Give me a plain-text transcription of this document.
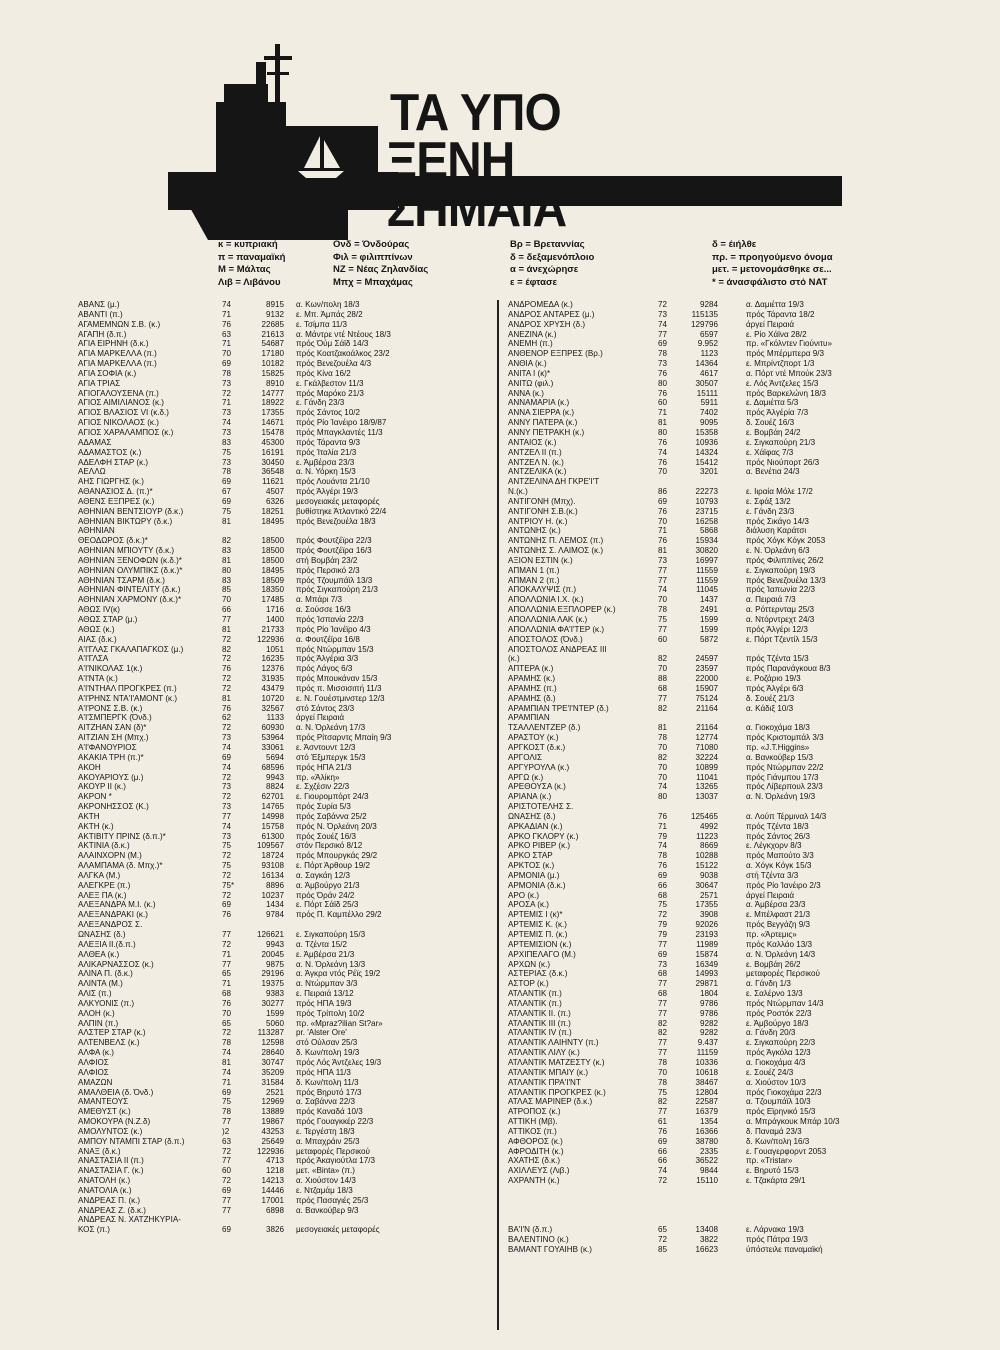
ΤΑ ΥΠΟ
ΞΕΝΗ ΣΗΜΑΙΑ
κ = κυπριακή
π = παναμαϊκή
Μ = Μάλτας
Λιβ = Λιβάνου
Ονδ = Όνδούρας
Φιλ = φιλιππίνων
ΝΖ = Νέας Ζηλανδίας
Μπχ = Μπαχάμας
Βρ = Βρεταννίας
δ = δεξαμενόπλοιο
α = άνεχώρησε
ε = έφτασε
δ = έιήλθε
πρ. = προηγούμενο όνομα
μετ. = μετονομάσθηκε σε...
* = άνασφάλιστο στό ΝΑΤ
ΑΒΑΝΣ (μ.)	74	8915 α. Κων/πολη 18/3
ΑΒΑΝΤΙ (π.)	71	9132 ε. Μπ. Άμπάς 28/2
ΑΓΑΜΕΜΝΩΝ Σ.Β. (κ.)	76	22685 ε. Τσίμπα 11/3
ΑΓΑΠΗ (δ.π.)	63	21613 α. Μάντρε ντέ Ντέους 18/3
ΑΓΙΑ ΕΙΡΗΝΗ (δ.κ.)	71	54687 πρός Όύμ Σάϊδ 14/3
ΑΓΙΑ ΜΑΡΚΕΛΛΑ (π.)	70	17180 πρός Κοατζακοάλκος 23/2
ΑΓΙΑ ΜΑΡΚΕΛΛΑ (π.)	69	10182 πρός Βενεζουέλα 4/3
ΑΓΙΑ ΣΟΦΙΑ (κ.)	78	15825 πρός Κίνα 16/2
ΑΓΙΑ ΤΡΙΑΣ	73	8910 ε. Γκάλβεστον 11/3
ΑΓΙΟΓΑΛΟΥΣΕΝΑ (π.)	72	14777 πρός Μαρόκο 21/3
ΑΓΙΟΣ ΑΙΜΙΛΙΑΝΟΣ (κ.)	71	18922 ε. Γάνδη 23/3
ΑΓΙΟΣ ΒΛΑΣΙΟΣ VI (κ.δ.)	73	17355 πρός Σάντος 10/2
ΑΓΙΟΣ ΝΙΚΟΛΑΟΣ (κ.)	74	14671 πρός Ρίο Ίανέιρο 18/9/87
ΑΓΙΟΣ ΧΑΡΑΛΑΜΠΟΣ (κ.)	73	15478 πρός Μπαγκλαντές 11/3
ΑΔΑΜΑΣ	83	45300 πρός Τάραντα 9/3
ΑΔΑΜΑΣΤΟΣ (κ.)	75	16191 πρός Ίταλία 21/3
ΑΔΕΛΦΗ ΣΤΑΡ (κ.)	73	30450 ε. Άμβέρσα 23/3
ΑΕΛΛΩ	78	36548 α. Ν. Υόρκη 15/3
ΑΗΣ ΓΙΩΡΓΗΣ (κ.)	69	11621 πρός Λουάντα 21/10
ΑΘΑΝΑΣΙΟΣ Δ. (π.)*	67	4507 πρός Άλγέρι 19/3
ΑΘΕΝΣ ΕΞΠΡΕΣ (κ.)	69	6326 μεσογειακές μεταφορές
ΑΘΗΝΙΑΝ ΒΕΝΤΣΙΟΥΡ (δ.κ.)	75	18251 βυθίστηκε Άτλαντικό 22/4
ΑΘΗΝΙΑΝ ΒΙΚΤΩΡΥ (δ.κ.)	81	18495 πρός Βενεζουέλα 18/3
ΑΘΗΝΙΑΝ
ΘΕΟΔΩΡΟΣ (δ.κ.)*	82	18500 πρός Φουτζέϊρα 22/3
ΑΘΗΝΙΑΝ ΜΠΙΟΥΤΥ (δ.κ.)	83	18500 πρός Φουτζέϊρα 16/3
ΑΘΗΝΙΑΝ ΞΕΝΟΦΩΝ (κ.δ.)*	81	18500 στή Βομβάη 23/2
ΑΘΗΝΙΑΝ ΟΛΥΜΠΙΚΣ (δ.κ.)*	80	18495 πρός Περσικό 2/3
ΑΘΗΝΙΑΝ ΤΣΑΡΜ (δ.κ.)	83	18509 πρός Τζουμπάϊλ 13/3
ΑΘΗΝΙΑΝ ΦΙΝΤΕΛΙΤΥ (δ.κ.)	85	18350 πρός Σιγκαπούρη 21/3
ΑΘΗΝΙΑΝ ΧΑΡΜΟΝΥ (δ.κ.)*	70	17485 α. Μπάρι 7/3
ΑΘΩΣ IV(κ)	66	1716 α. Σούσσε 16/3
ΑΘΩΣ ΣΤΑΡ (μ.)	77	1400 πρός Ίσπανία 22/3
ΑΘΩΣ (κ.)	81	21733 πρός Ρίο Ίανέϊρο 4/3
ΑΙΑΣ (δ.κ.)	72	122936 α. Φουτζέϊρα 16/8
Α'Ι'ΓΛΑΣ ΓΚΑΛΑΠΑΓΚΟΣ (μ.)	82	1051 πρός Ντώρμπαν 15/3
Α'Ι'ΓΛΣΑ	72	16235 πρός Άλγέρια 3/3
Α'Ι'ΝΙΚΟΛΑΣ 1(κ.)	76	12376 πρός Λάγος 6/3
Α'Ι'ΝΤΑ (κ.)	72	31935 πρός Μπουκάναν 15/3
Α'Ι'ΝΤΗΑΛ ΠΡΟΓΚΡΕΣ (π.)	72	43479 πρός π. Μισσισιπή 11/3
Α'Ι'ΡΗΝΣ ΝΤΑ'Ι'ΑΜΟΝΤ (κ.)	81	10720 ε. Ν. Γουέστμινστερ 12/3
Α'Ι'ΡΟΝΣ Σ.Β. (κ.)	76	32567 στό Σάντος 23/3
Α'Ι'ΣΜΠΕΡΓΚ (Όνδ.)	62	1133 άργεί Πειραιά
ΑΙΤΖΗΑΝ ΣΑΝ (δ)*	72	60930 α. Ν. Όρλεάνη 17/3
ΑΙΤΖΙΑΝ ΣΗ (Μπχ.)	73	53964 πρός Ρίτσαρντς Μπαίη 9/3
Α'Ι'ΦΑΝΟΥΡΙΟΣ	74	33061 ε. Άσντουντ 12/3
ΑΚΑΚΙΑ ΤΡΗ (π.)*	69	5694 στό Έξμπεργκ 15/3
ΑΚΟΗ	74	68596 πρός ΗΠΑ 21/3
ΑΚΟΥΑΡΙΟΥΣ (μ.)	72	9943 πρ. «Άλίκη»
ΑΚΟΥΡ II (κ.)	73	8824 ε. Σχζέσιν 22/3
ΑΚΡΟΝ *	72	62701 ε. Γιουρομπόρτ 24/3
ΑΚΡΟΝΗΣΣΟΣ (Κ.)	73	14765 πρός Συρία 5/3
ΑΚΤΗ	77	14998 πρός Σαβάννα 25/2
ΑΚΤΗ (κ.)	74	15758 πρός Ν. Όρλεάνη 20/3
ΑΚΤΙΒΙΤΥ ΠΡΙΝΣ (δ.π.)*	73	61300 πρός Σουέζ 16/3
ΑΚΤΙΝΙΑ (δ.κ.)	75	109567 στόν Περσικό 8/12
ΑΛΑΙΝΧΟΡΝ (Μ.)	72	18724 πρός Μπουργκάς 29/2
ΑΛΑΜΠΑΜΑ (δ. Μπχ.)*	75	93108 ε. Πόρτ Άρθουρ 19/2
ΑΛΓΚΑ (Μ.)	72	16134 α. Σαγκάη 12/3
ΑΛΕΓΚΡΕ (π.)	75*	8896 α. Άμβούργο 21/3
ΑΛΕΞ ΠΑ (κ.)	72	10237 πρός Όράν 24/2
ΑΛΕΞΑΝΔΡΑ Μ.Ι. (κ.)	69	1434 ε. Πόρτ Σάϊδ 25/3
ΑΛΕΞΑΝΔΡΑΚΙ (κ.)	76	9784 πρός Π. Καμπέλλο 29/2
ΑΛΕΞΑΝΔΡΟΣ Σ.
ΩΝΑΣΗΣ (δ.)	77	126621 ε. Σιγκαπούρη 15/3
ΑΛΕΞΙΑ II.(δ.π.)	72	9943 α. Τζέντα 15/2
ΑΛΘΕΑ (κ.)	71	20045 ε. Άμβέρσα 21/3
ΑΛΙΚΑΡΝΑΣΣΟΣ (κ.)	77	9875 α. Ν. Όρλεάνη 13/3
ΑΛΙΝΑ Π. (δ.κ.)	65	29196 α. Άγκρα ντός Ρέϊς 19/2
ΑΛΙΝΤΑ (Μ.)	71	19375 α. Ντώρμπαν 3/3
ΑΛΙΣ (π.)	68	9383 ε. Πειραιά 13/12
ΑΛΚΥΟΝΙΣ (π.)	76	30277 πρός ΗΠΑ 19/3
ΑΛΟΗ (κ.)	70	1599 πρός Τρίπολη 10/2
ΑΛΠΙΝ (π.)	65	5060 πρ. «Μpraz?ilian St?ar»
ΑΛΣΤΕΡ ΣΤΑΡ (κ.)	72	113287 pr. 'Alster Ore'
ΑΛΤΕΝΒΕΛΣ (κ.)	78	12598 στό Ούλσαν 25/3
ΑΛΦΑ (κ.)	74	28640 δ. Κων/πολη 19/3
ΑΛΦΙΟΣ	81	30747 πρός Λός Άντζελες 19/3
ΑΛΦΙΟΣ	74	35209 πρός ΗΠΑ 11/3
ΑΜΑΖΩΝ	71	31584 δ. Κων/πολη 11/3
ΑΜΑΛΘΕΙΑ (δ. Όνδ.)	69	2521 πρός Βηρυτό 17/3
ΑΜΑΝΤΕΟΥΣ	75	12969 α. Σαβάννα 22/3
ΑΜΕΘΥΣΤ (κ.)	78	13889 πρός Καναδά 10/3
ΑΜΟΚΟΥΡΑ (Ν.Ζ.δ)	77	19867 πρός Γουαγκκέρ 22/3
ΑΜΟΛΥΝΤΟΣ (κ.)	)2	43253 ε. Τεργέστη 18/3
ΑΜΠΟΥ ΝΤΑΜΠΙ ΣΤΑΡ (δ.π.)	63	25649 α. Μπαχράιν 25/3
ΑΝΑΞ (δ.κ.)	72	122936 μεταφορές Περσικού
ΑΝΑΣΤΑΣΙΑ ΙΙ (π.)	77	4713 πρός Άκαγιούτλα 17/3
ΑΝΑΣΤΑΣΙΑ Γ. (κ.)	60	1218 μετ. «Binta» (π.)
ΑΝΑΤΟΛΗ (κ.)	72	14213 α. Χιούστον 14/3
ΑΝΑΤΟΛΙΑ (κ.)	69	14446 ε. Ντζαμάμ 18/3
ΑΝΔΡΕΑΣ Π. (κ.)	77	17001 πρός Πασαγιές 25/3
ΑΝΔΡΕΑΣ Ζ. (δ.κ.)	77	6898 α. Βανκούβερ 9/3
ΑΝΔΡΕΑΣ Ν. ΧΑΤΖΗΚΥΡΙΑ-
ΚΟΣ (π.)	69	3826 μεσογειακές μεταφορές
ΑΝΔΡΟΜΕΔΑ (κ.)	72	9284	α. Δαμιέττα 19/3
ΑΝΔΡΟΣ ΑΝΤΑΡΕΣ (μ.)	73	115135	πρός Τάραντα 18/2
ΑΝΔΡΟΣ ΧΡΥΣΗ (δ.)	74	129796	άργεί Πειραιά
ΑΝΕΖΙΝΑ (κ.)	77	6597	ε. Ρίο Χάϊνα 28/2
ΑΝΕΜΗ (π.)	69	9.952	πρ. «Γκόλντεν Γιούνιτυ»
ΑΝΘΕΝΟΡ ΕΞΠΡΕΣ (Βρ.)	78	1123	πρός Μπέρμπερα 9/3
ΑΝΘΙΑ (κ.)	73	14364	ε. Μπρίντζπορτ 1/3
ΑΝΙΤΑ Ι (κ)*	76	4617	α. Πόρτ ντέ Μπούκ 23/3
ΑΝΙΤΩ (φιλ.)	80	30507	ε. Λός Άντζελες 15/3
ΑΝΝΑ (κ.)	76	15111	πρός Βαρκελώνη 18/3
ΑΝΝΑΜΑΡΙΑ (κ.)	60	5911	ε. Δαμιέττα 5/3
ΑΝΝΑ ΣΙΕΡΡΑ (κ.)	71	7402	πρός Άλγέρία 7/3
ΑΝΝΥ ΠΑΤΕΡΑ (κ.)	81	9095	δ. Σουέζ 16/3
ΑΝΝΥ ΠΕΤΡΑΚΗ (κ.)	80	15358	ε. Βομβάη 24/2
ΑΝΤΑΙΟΣ (κ.)	76	10936	ε. Σιγκαπούρη 21/3
ΑΝΤΖΕΛ II (π.)	74	14324	ε. Χάϊφας 7/3
ΑΝΤΖΕΛ Ν. (κ.)	76	15412	πρός Νιούπορτ 26/3
ΑΝΤΖΕΛΙΚΑ (κ.)	70	3201	α. Βενέτια 24/3
ΑΝΤΖΕΛΙΝΑ ΔΗ ΓΚΡΕ'Ι'Τ
Ν.(κ.)	86	22273	ε. Ιιραία Μόλε 17/2
ΑΝΤΙΓΟΝΗ (Μπχ).	69	10793	ε. Σφάξ 13/2
ΑΝΤΙΓΟΝΗ Σ.Β.(κ.)	76	23715	ε. Γάνδη 23/3
ΑΝΤΡΙΟΥ Η. (κ.)	70	16258	πρός Σικάγο 14/3
ΑΝΤΩΝΗΣ (κ.)	71	5868	διάλυση Καράτσι
ΑΝΤΩΝΗΣ Π. ΛΕΜΟΣ (π.)	76	15934	πρός Χόγκ Κόγκ 2053
ΑΝΤΩΝΗΣ Σ. ΛΑΙΜΟΣ (κ.)	81	30820	ε. Ν. Όρλεάνη 6/3
ΑΞΙΟΝ ΕΣΤΙΝ (κ.)	73	16997	πρός Φιλιππίνες 26/2
ΑΠΜΑΝ 1 (π.)	77	11559	ε. Σιγκαπούρη 19/3
ΑΠΜΑΝ 2 (π.)	77	11559	πρός Βενεζουέλα 13/3
ΑΠΟΚΑΛΥΨΙΣ (π.)	74	11045	πρός Ίαπωνία 22/3
ΑΠΟΛΛΩΝΙΑ Ι.Χ. (κ.)	70	1437	α. Πειραιά 7/3
ΑΠΟΛΛΩΝΙΑ ΕΞΠΛΟΡΕΡ (κ.)	78	2491	α. Ρόττερνταμ 25/3
ΑΠΟΛΛΩΝΙΑ ΛΑΚ (κ.)	75	1599	α. Ντόρντρεχτ 24/3
ΑΠΟΛΛΩΝΙΑ ΦΑ'Ι'ΤΕΡ (κ.)	77	1599	πρός Άλγέρι 12/3
ΑΠΟΣΤΟΛΟΣ (Όνδ.)	60	5872	ε. Πόρτ Τζεντίλ 15/3
ΑΠΟΣΤΟΛΟΣ ΑΝΔΡΕΑΣ III
(κ.)	82	24597	πρός Τζέντα 15/3
ΑΠΤΕΡΑ (κ.)	70	23597	πρός Παρανάγκουα 8/3
ΑΡΑΜΗΣ (κ.)	88	22000	ε. Ροζάριο 19/3
ΑΡΑΜΗΣ (π.)	68	15907	πρός Άλγέρι 6/3
ΑΡΑΜΗΣ (δ.)	77	75124	δ. Σουέζ 21/3
ΑΡΑΜΠΙΑΝ ΤΡΕ'Ι'ΝΤΕΡ (δ.)	82	21164	α. Κάδιξ 10/3
ΑΡΑΜΠΙΑΝ
ΤΣΑΛΛΕΝΤΖΕΡ (δ.)	81	21164	α. Γιοκοχάμα 18/3
ΑΡΑΣΤΟΥ (κ.)	78	12774	πρός Κριστομπάλ 3/3
ΑΡΓΚΟΣΤ (δ.κ.)	70	71080	πρ. «J.T.Higgins»
ΑΡΓΟΛΙΣ	82	32224	α. Βανκούβερ 15/3
ΑΡΓΥΡΟΥΛΑ (κ.)	70	10899	πρός Ντώρμπαν 22/2
ΑΡΓΩ (κ.)	70	11041	πρός Γιάνμπου 17/3
ΑΡΕΘΟΥΣΑ (κ.)	74	13265	πρός Λίβερπουλ 23/3
ΑΡΙΑΝΑ (κ.)	80	13037	α. Ν. Όρλεάνη 19/3
ΑΡΙΣΤΟΤΕΛΗΣ Σ.
ΩΝΑΣΗΣ (δ.)	76	125465	α. Λούπ Τέρμιναλ 14/3
ΑΡΚΑΔΙΑΝ (κ.)	71	4992	πρός Τζέντα 18/3
ΑΡΚΟ ΓΚΛΟΡΥ (κ.)	79	11223	πρός Σάντος 26/3
ΑΡΚΟ ΡΙΒΕΡ (κ.)	74	8669	ε. Λέγκχορν 8/3
ΑΡΚΟ ΣΤΑΡ	78	10288	πρός Μαπούτο 3/3
ΑΡΚΤΟΣ (κ.)	76	15122	α. Χόγκ Κόγκ 15/3
ΑΡΜΟΝΙΑ (μ.)	69	9038	στή Τζέντα 3/3
ΑΡΜΟΝΙΑ (δ.κ.)	66	30647	πρός Ρίο Ίανέιρο 2/3
ΑΡΟ (κ.)	68	2571	άργεί Πειραιά
ΑΡΟΣΑ (κ.)	75	17355	α. Άμβέρσα 23/3
ΑΡΤΕΜΙΣ Ι (κ)*	72	3908	ε. Μπέλφαστ 21/3
ΑΡΤΕΜΙΣ Κ. (κ.)	79	92026	πρός Βεγγάζη 9/3
ΑΡΤΕΜΙΣ Π. (κ.)	79	23193	πρ. «Άρτεμις»
ΑΡΤΕΜΙΣΙΟΝ (κ.)	77	11989	πρός Καλλάο 13/3
ΑΡΧΙΠΕΛΑΓΟ (Μ.)	69	15874	α. Ν. Όρλεάνη 14/3
ΑΡΧΩΝ (κ.)	73	16349	ε. Βομβάη 26/2
ΑΣΤΕΡΙΑΣ (δ.κ.)	68	14993	μεταφορές Περσικού
ΑΣΤΟΡ (κ.)	77	29871	α. Γάνδη 1/3
ΑΤΛΑΝΤΙΚ (π.)	68	1804	ε. Σαλέρνο 13/3
ΑΤΛΑΝΤΙΚ (π.)	77	9786	πρός Ντώρμπαν 14/3
ΑΤΛΑΝΤΙΚ ΙΙ. (π.)	77	9786	πρός Ροστόκ 22/3
ΑΤΛΑΝΤΙΚ ΙΙΙ (π.)	82	9282	ε. Άμβούργο 18/3
ΑΤΛΑΝΤΙΚ IV (π.)	82	9282	α. Γάνδη 20/3
ΑΤΛΑΝΤΙΚ ΛΑΙΗΝΤΥ (π.)	77	9.437	ε. Σιγκαπούρη 22/3
ΑΤΛΑΝΤΙΚ ΛΙΛΥ (κ.)	77	11159	πρός Άγκόλα 12/3
ΑΤΛΑΝΤΙΚ ΜΑΤΖΕΣΤΥ (κ.)	78	10336	α. Γιοκοχάμα 4/3
ΑΤΛΑΝΤΙΚ ΜΠΑΙΥ (κ.)	70	10618	ε. Σουέζ 24/3
ΑΤΛΑΝΤΙΚ ΠΡΑ'Ι'ΝΤ	78	38467	α. Χιούστον 10/3
ΑΤΛΑΝΤΙΚ ΠΡΟΓΚΡΕΣ (κ.)	75	12804	πρός Γιοκοχάμα 22/3
ΑΤΛΑΣ ΜΑΡΙΝΕΡ (δ.κ.)	82	22587	α. Τζουμπάϊλ 10/3
ΑΤΡΟΠΟΣ (κ.)	77	16379	πρός Εϊρηνικό 15/3
ΑΤΤΙΚΗ (Μβ).	61	1354	α. Μπράγκουκ Μπάρ 10/3
ΑΤΤΙΚΟΣ (π.)	76	16366	δ. Παναμά 23/3
ΑΦΘΟΡΟΣ (κ.)	69	38780	δ. Κων/πολη 16/3
ΑΦΡΟΔΙΤΗ (κ.)	66	2335	ε. Γουαγερφορντ 2053
ΑΧΑΤΗΣ (δ.κ.)	66	36522	πρ. «Tristar»
ΑΧΙΛΛΕΥΣ (Λιβ.)	74	9844	ε. Βηρυτό 15/3
ΑΧΡΑΝΤΗ (κ.)	72	15110	ε. Τζακάρτα 29/1
ΒΑ'Ι'Ν (δ.π.)	65	13408	ε. Λάρνακα 19/3
ΒΑΛΕΝΤΙΝΟ (κ.)	72	3822	πρός Πάτρα 19/3
ΒΑΜΑΝΤ ΓΟΥΑΙΗΒ (κ.)	85	16623	ύπόστειλε παναμαϊκή
